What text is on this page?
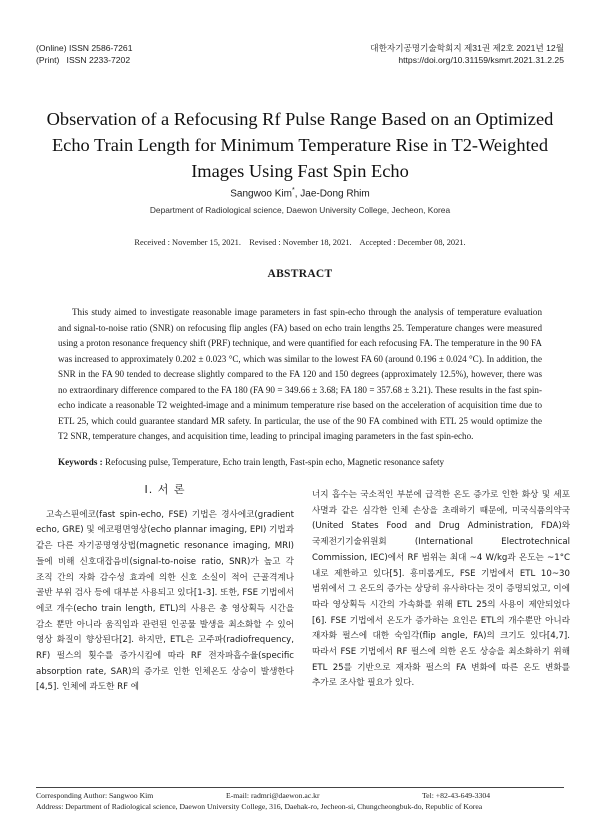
(Online) ISSN 2586-7261
(Print)   ISSN 2233-7202
대한자기공명기술학회지 제31권 제2호 2021년 12월
https://doi.org/10.31159/ksmrt.2021.31.2.25
Observation of a Refocusing Rf Pulse Range Based on an Optimized
Echo Train Length for Minimum Temperature Rise in T2-Weighted
Images Using Fast Spin Echo
Sangwoo Kim*, Jae-Dong Rhim
Department of Radiological science, Daewon University College, Jecheon, Korea
Received : November 15, 2021.    Revised : November 18, 2021.    Accepted : December 08, 2021.
ABSTRACT
This study aimed to investigate reasonable image parameters in fast spin-echo through the analysis of temperature evaluation and signal-to-noise ratio (SNR) on refocusing flip angles (FA) based on echo train lengths 25. Temperature changes were measured using a proton resonance frequency shift (PRF) technique, and were quantified for each refocusing FA. The temperature in the 90 FA was increased to approximately 0.202 ± 0.023 °C, which was similar to the lowest FA 60 (around 0.196 ± 0.024 °C). In addition, the SNR in the FA 90 tended to decrease slightly compared to the FA 120 and 150 degrees (approximately 12.5%), however, there was no extraordinary difference compared to the FA 180 (FA 90 = 349.66 ± 3.68; FA 180 = 357.68 ± 3.21). These results in the fast spin-echo indicate a reasonable T2 weighted-image and a minimum temperature rise based on the acceleration of acquisition time due to ETL 25, which could guarantee standard MR safety. In particular, the use of the 90 FA combined with ETL 25 would optimize the T2 SNR, temperature changes, and acquisition time, leading to principal imaging parameters in the fast spin-echo.
Keywords : Refocusing pulse, Temperature, Echo train length, Fast-spin echo, Magnetic resonance safety
Ⅰ. 서 론

고속스핀에코(fast spin-echo, FSE) 기법은 경사에코(gradient echo, GRE) 및 에코평면영상(echo plannar imaging, EPI) 기법과 같은 다른 자기공명영상법(magnetic resonance imaging, MRI)들에 비해 신호대잡음비(signal-to-noise ratio, SNR)가 높고 각 조직 간의 자화 감수성 효과에 의한 신호 소실이 적어 근골격계나 골반 부위 검사 등에 대부분 사용되고 있다[1-3]. 또한, FSE 기법에서 에코 개수(echo train length, ETL)의 사용은 총 영상획득 시간을 감소 뿐만 아니라 움직임과 관련된 인공물 발생을 최소화할 수 있어 영상 화질이 향상된다[2]. 하지만, ETL은 고주파(radiofrequency, RF) 펄스의 횟수를 증가시킴에 따라 RF 전자파흡수율(specific absorption rate, SAR)의 증가로 인한 인체온도 상승이 발생한다[4,5]. 인체에 과도한 RF 에

너지 흡수는 국소적인 부분에 급격한 온도 증가로 인한 화상 및 세포 사멸과 같은 심각한 인체 손상을 초래하기 때문에, 미국식품의약국(United States Food and Drug Administration, FDA)와 국제전기기술위원회 (International Electrotechnical Commission, IEC)에서 RF 범위는 최대 ~4 W/kg과 온도는 ~1°C 내로 제한하고 있다[5]. 흥미롭게도, FSE 기법에서 ETL 10~30 범위에서 그 온도의 증가는 상당히 유사하다는 것이 증명되었고, 이에 따라 영상획득 시간의 가속화를 위해 ETL 25의 사용이 제안되었다[6]. FSE 기법에서 온도가 증가하는 요인은 ETL의 개수뿐만 아니라 재자화 펄스에 대한 숙임각(flip angle, FA)의 크기도 있다[4,7]. 따라서 FSE 기법에서 RF 펄스에 의한 온도 상승을 최소화하기 위해 ETL 25를 기반으로 재자화 펄스의 FA 변화에 따른 온도 변화를 추가로 조사할 필요가 있다.

Corresponding Author: Sangwoo Kim	E-mail: radmri@daewon.ac.kr	Tel: +82-43-649-3304
Address: Department of Radiological science, Daewon University College, 316, Daehak-ro, Jecheon-si, Chungcheongbuk-do, Republic of Korea
